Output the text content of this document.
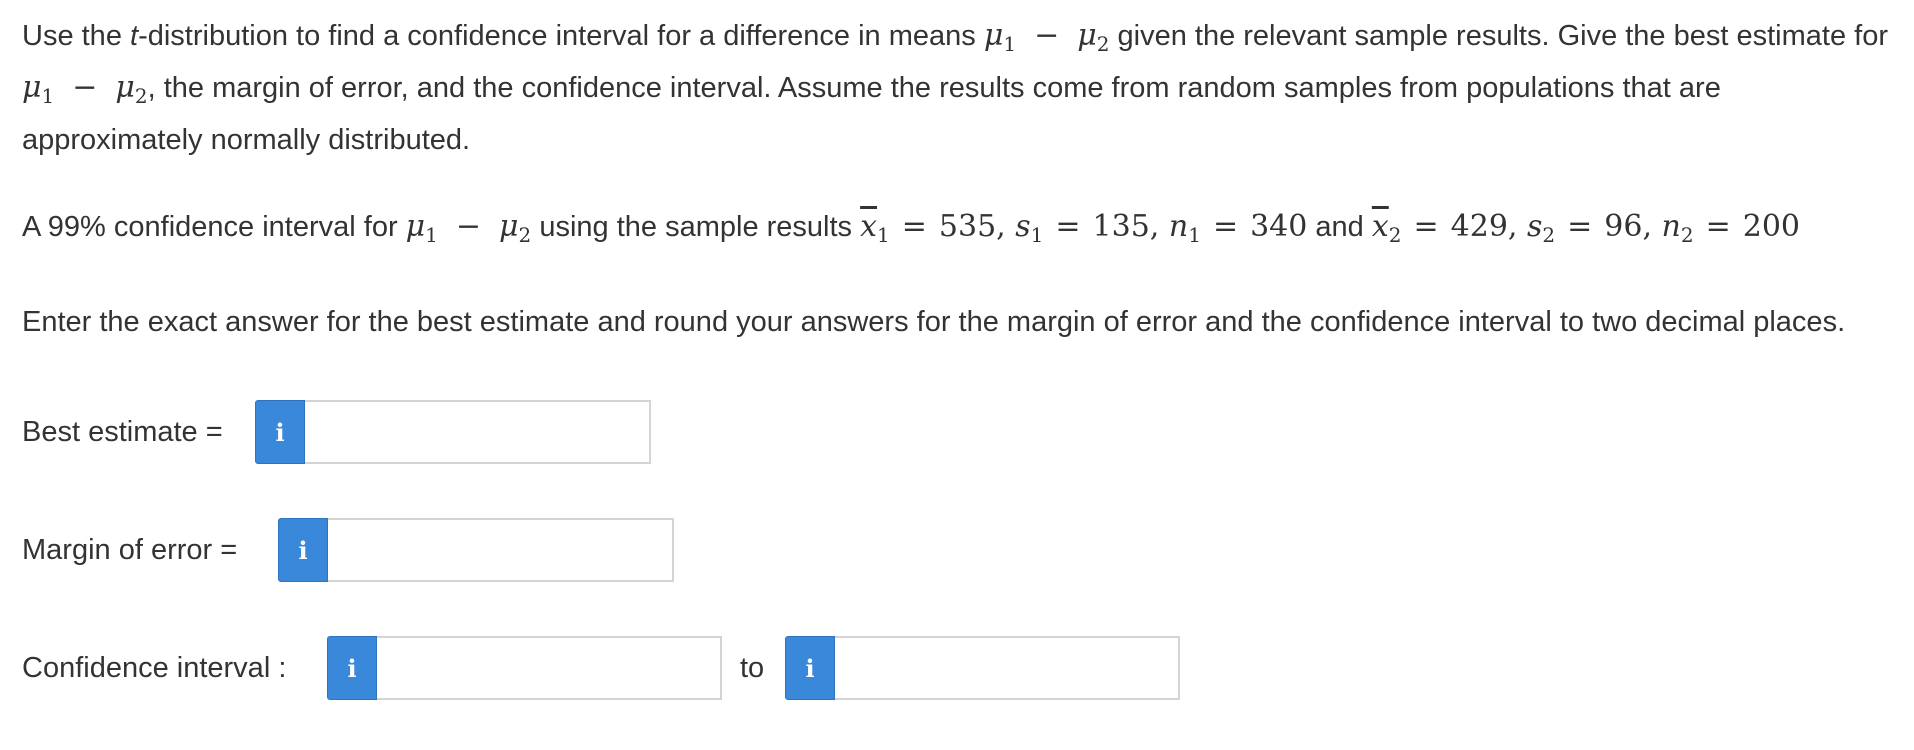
Use the t-distribution to find a confidence interval for a difference in means $\mu_1 - \mu_2$ given the relevant sample results. Give the best estimate for $\mu_1 - \mu_2$, the margin of error, and the confidence interval. Assume the results come from random samples from populations that are approximately normally distributed.

A 99% confidence interval for $\mu_1 - \mu_2$ using the sample results $\overline{x}_1 = 535$, $s_1 = 135$, $n_1 = 340$ and $\overline{x}_2 = 429$, $s_2 = 96$, $n_2 = 200$

Enter the exact answer for the best estimate and round your answers for the margin of error and the confidence interval to two decimal places.

Best estimate =	i
Margin of error =	i
Confidence interval :	i	to	i
